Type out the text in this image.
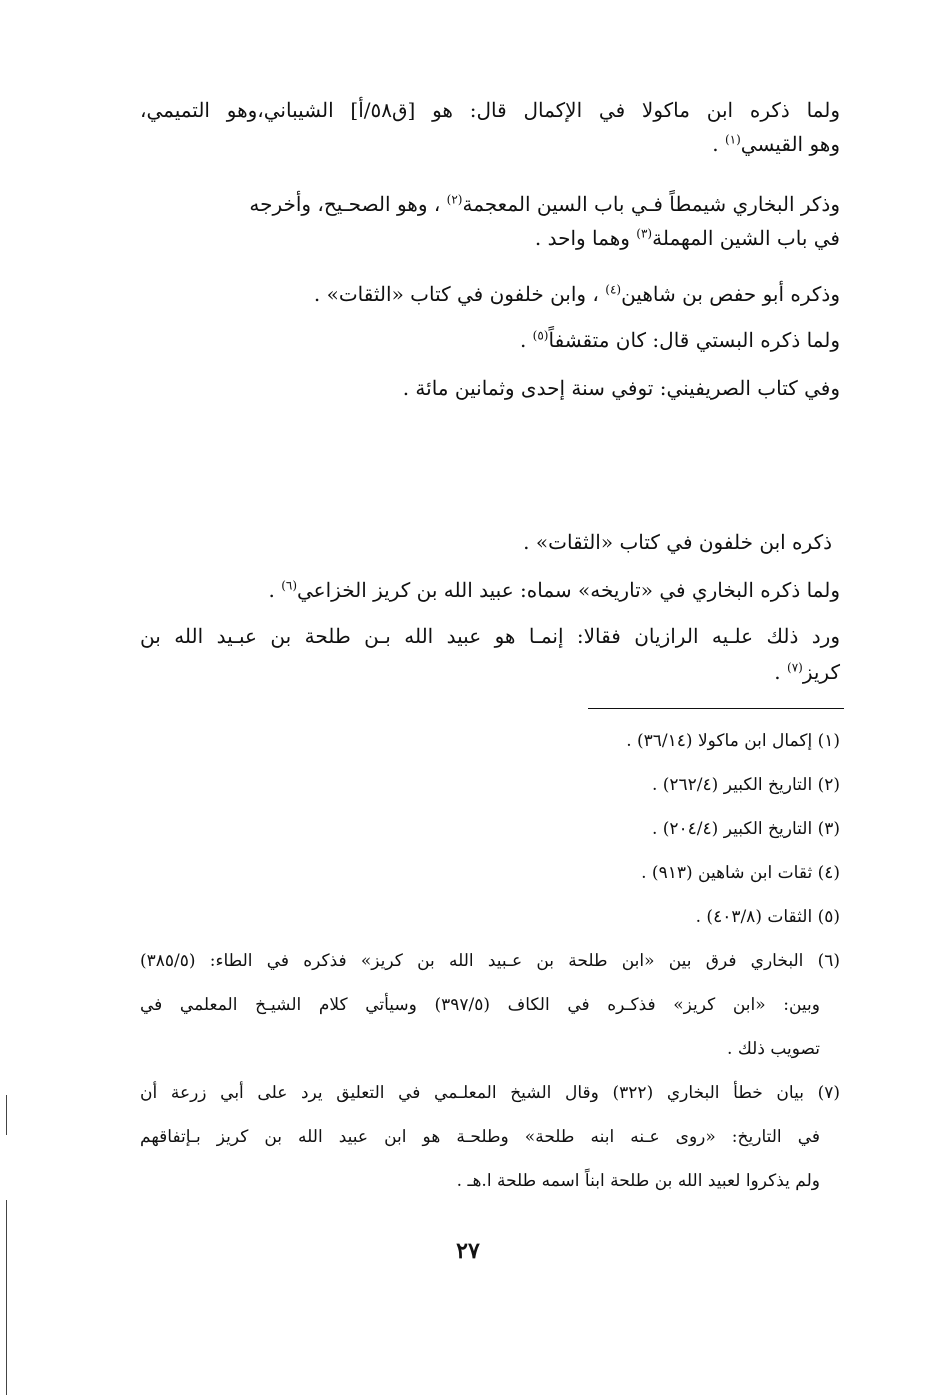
ولما ذكره ابن ماكولا في الإكمال قال: هو [ق٥٨/أ] الشيباني،وهو التميمي،
وهو القيسي$^{(١)}$ .
وذكر البخاري شيمطاً فـي باب السين المعجمة$^{(٢)}$ ، وهو الصحـيح، وأخرجه
في باب الشين المهملة$^{(٣)}$ وهما واحد .
وذكره أبو حفص بن شاهين$^{(٤)}$ ، وابن خلفون في كتاب «الثقات» .
ولما ذكره البستي قال: كان متقشفاً$^{(٥)}$ .
وفي كتاب الصريفيني: توفي سنة إحدى وثمانين مائة .
ذكره ابن خلفون في كتاب «الثقات» .
ولما ذكره البخاري في «تاريخه» سماه: عبيد الله بن كريز الخزاعي$^{(٦)}$ .
ورد ذلك علـيه الرازيان فقالا: إنمـا هو عبيد الله بـن طلحة بن عبـيد الله بن
كريز$^{(٧)}$ .
(١) إكمال ابن ماكولا (٣٦/١٤) .
(٢) التاريخ الكبير (٢٦٢/٤) .
(٣) التاريخ الكبير (٢٠٤/٤) .
(٤) ثقات ابن شاهين (٩١٣) .
(٥) الثقات (٤٠٣/٨) .
(٦) البخاري فرق بين «ابن طلحة بن عـبيد الله بن كريز» فذكره في الطاء: (٣٨٥/٥)
وبين: «ابن كريز» فذكـره في الكاف (٣٩٧/٥) وسيأتي كلام الشيـخ المعلمي في
تصويب ذلك .
(٧) بيان خطأ البخاري (٣٢٢) وقال الشيخ المعلـمي في التعليق يرد على أبي زرعة أن
في التاريخ: «روى عـنه ابنه طلحة» وطلحـة هو ابن عبيد الله بن كريز بـإتفاقهم
ولم يذكروا لعبيد الله بن طلحة ابناً اسمه طلحة ا.هـ .
٢٧
